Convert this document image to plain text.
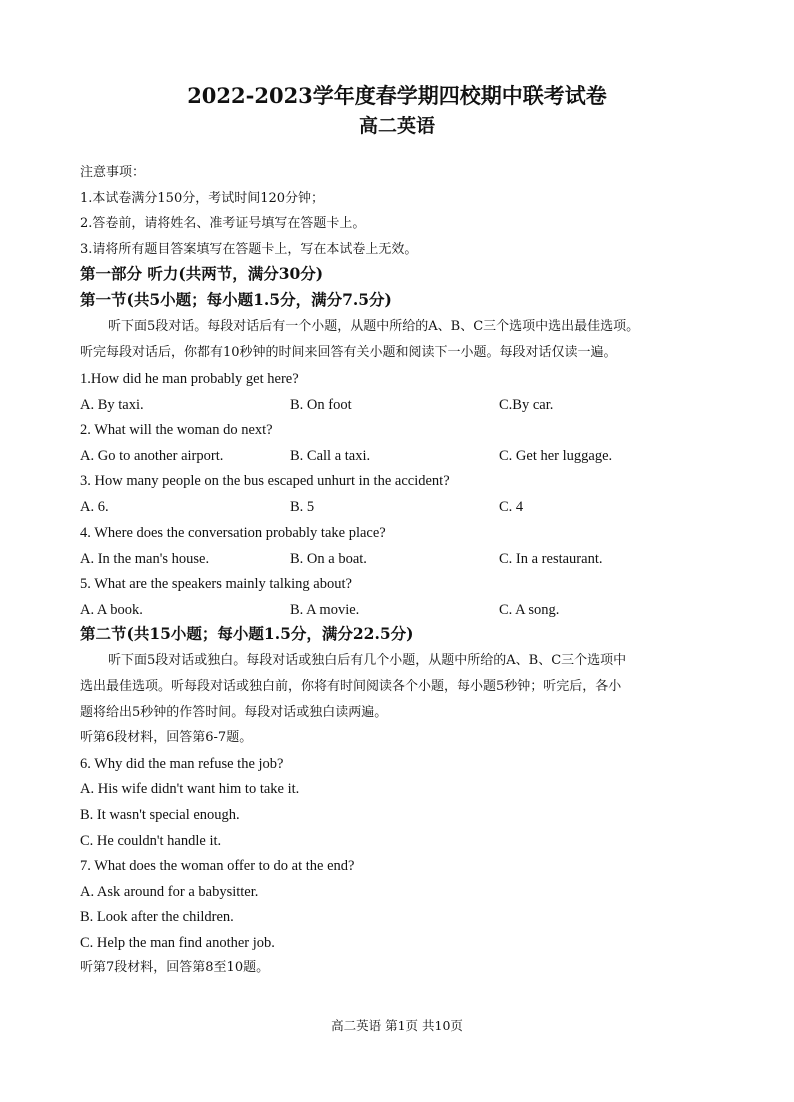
2022-2023学年度春学期四校期中联考试卷
高二英语
注意事项：
1.本试卷满分150分，考试时间120分钟；
2.答卷前，请将姓名、准考证号填写在答题卡上。
3.请将所有题目答案填写在答题卡上，写在本试卷上无效。
第一部分 听力(共两节，满分30分)
第一节(共5小题；每小题1.5分，满分7.5分)
听下面5段对话。每段对话后有一个小题，从题中所给的A、B、C三个选项中选出最佳选项。
听完每段对话后，你都有10秒钟的时间来回答有关小题和阅读下一小题。每段对话仅读一遍。
1.How did he man probably get here?
A. By taxi.	B. On foot	C.By car.
2. What will the woman do next?
A. Go to another airport.	B. Call a taxi.	C. Get her luggage.
3. How many people on the bus escaped unhurt in the accident?
A. 6.	B. 5	C. 4
4. Where does the conversation probably take place?
A. In the man's house.	B. On a boat.	C. In a restaurant.
5. What are the speakers mainly talking about?
A. A book.	B. A movie.	C. A song.
第二节(共15小题；每小题1.5分，满分22.5分)
听下面5段对话或独白。每段对话或独白后有几个小题，从题中所给的A、B、C三个选项中
选出最佳选项。听每段对话或独白前，你将有时间阅读各个小题，每小题5秒钟；听完后，各小
题将给出5秒钟的作答时间。每段对话或独白读两遍。
听第6段材料，回答第6-7题。
6. Why did the man refuse the job?
A. His wife didn't want him to take it.
B. It wasn't special enough.
C. He couldn't handle it.
7. What does the woman offer to do at the end?
A. Ask around for a babysitter.
B. Look after the children.
C. Help the man find another job.
听第7段材料，回答第8至10题。
高二英语 第1页 共10页
